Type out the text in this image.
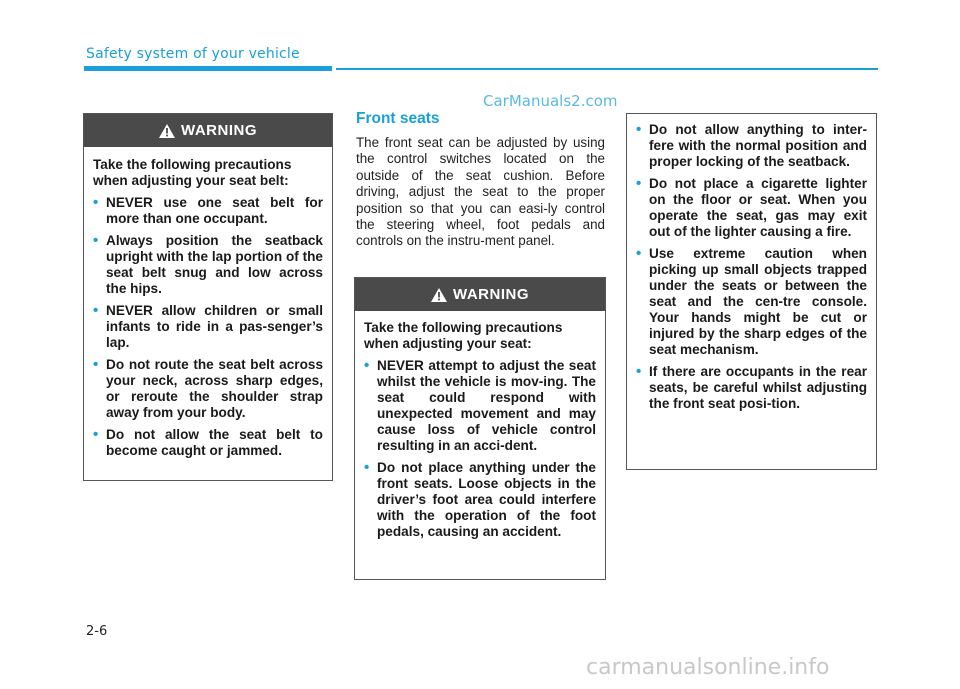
Safety system of your vehicle
CarManuals2.com
WARNING
Take the following precautions when adjusting your seat belt:
• NEVER use one seat belt for more than one occupant.
• Always position the seatback upright with the lap portion of the seat belt snug and low across the hips.
• NEVER allow children or small infants to ride in a pas-senger’s lap.
• Do not route the seat belt across your neck, across sharp edges, or reroute the shoulder strap away from your body.
• Do not allow the seat belt to become caught or jammed.
Front seats
The front seat can be adjusted by using the control switches located on the outside of the seat cushion. Before driving, adjust the seat to the proper position so that you can easi-ly control the steering wheel, foot pedals and controls on the instru-ment panel.
WARNING
Take the following precautions when adjusting your seat:
• NEVER attempt to adjust the seat whilst the vehicle is mov-ing. The seat could respond with unexpected movement and may cause loss of vehicle control resulting in an acci-dent.
• Do not place anything under the front seats. Loose objects in the driver’s foot area could interfere with the operation of the foot pedals, causing an accident.
• Do not allow anything to inter-fere with the normal position and proper locking of the seatback.
• Do not place a cigarette lighter on the floor or seat. When you operate the seat, gas may exit out of the lighter causing a fire.
• Use extreme caution when picking up small objects trapped under the seats or between the seat and the cen-tre console. Your hands might be cut or injured by the sharp edges of the seat mechanism.
• If there are occupants in the rear seats, be careful whilst adjusting the front seat posi-tion.
2-6
carmanualsonline.info
